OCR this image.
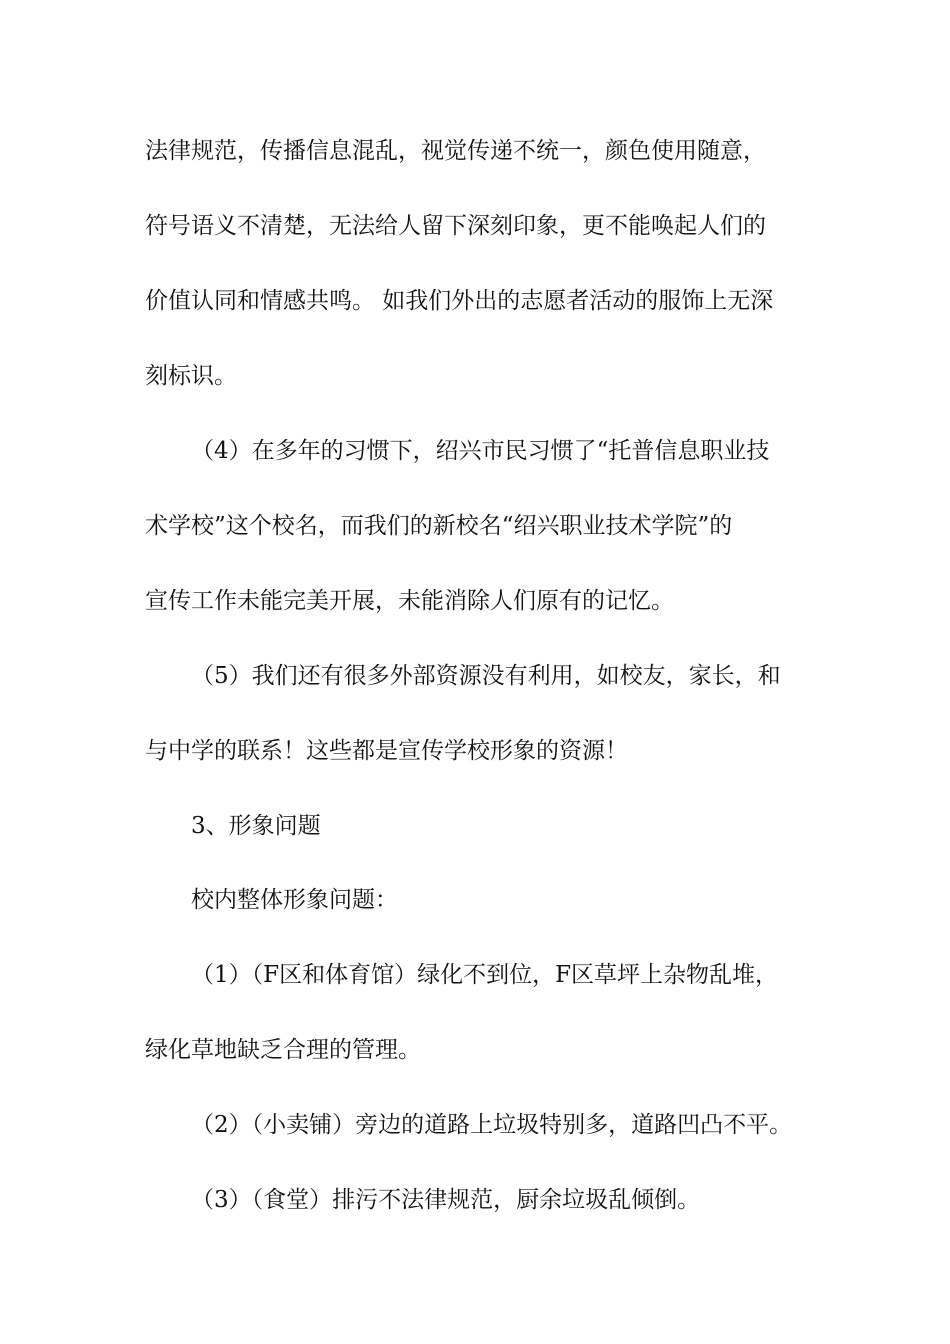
法律规范，传播信息混乱，视觉传递不统一，颜色使用随意，
符号语义不清楚，无法给人留下深刻印象，更不能唤起人们的
价值认同和情感共鸣。 如我们外出的志愿者活动的服饰上无深
刻标识。
（4）在多年的习惯下，绍兴市民习惯了“托普信息职业技
术学校”这个校名，而我们的新校名“绍兴职业技术学院”的
宣传工作未能完美开展，未能消除人们原有的记忆。
（5）我们还有很多外部资源没有利用，如校友，家长，和
与中学的联系！这些都是宣传学校形象的资源！
3、形象问题
校内整体形象问题：
（1）（F区和体育馆）绿化不到位，F区草坪上杂物乱堆，
绿化草地缺乏合理的管理。
（2）（小卖铺）旁边的道路上垃圾特别多，道路凹凸不平。
（3）（食堂）排污不法律规范，厨余垃圾乱倾倒。
